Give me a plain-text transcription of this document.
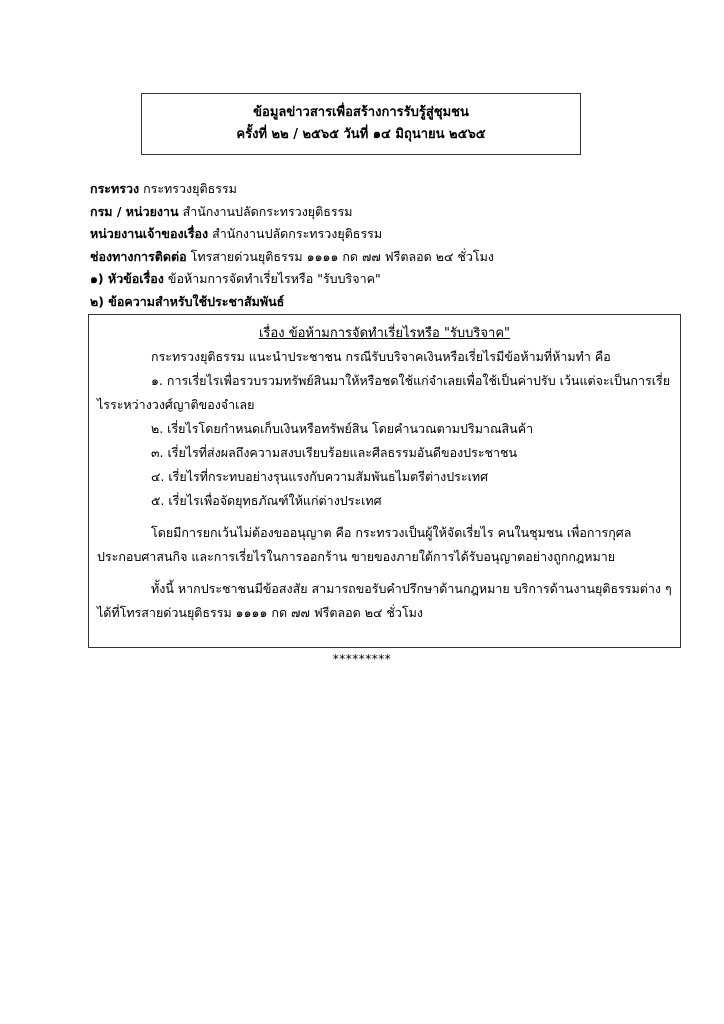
ข้อมูลข่าวสารเพื่อสร้างการรับรู้สู่ชุมชน
ครั้งที่ ๒๒ / ๒๕๖๕ วันที่ ๑๔ มิถุนายน ๒๕๖๕
กระทรวง กระทรวงยุติธรรม
กรม / หน่วยงาน สำนักงานปลัดกระทรวงยุติธรรม
หน่วยงานเจ้าของเรื่อง สำนักงานปลัดกระทรวงยุติธรรม
ช่องทางการติดต่อ โทรสายด่วนยุติธรรม ๑๑๑๑ กด ๗๗ ฟรีตลอด ๒๔ ชั่วโมง
๑) หัวข้อเรื่อง ข้อห้ามการจัดทำเรี่ยไรหรือ "รับบริจาค"
๒) ข้อความสำหรับใช้ประชาสัมพันธ์
เรื่อง ข้อห้ามการจัดทำเรี่ยไรหรือ "รับบริจาค"
กระทรวงยุติธรรม แนะนำประชาชน กรณีรับบริจาคเงินหรือเรี่ยไรมีข้อห้ามที่ห้ามทำ คือ
๑. การเรี่ยไรเพื่อรวบรวมทรัพย์สินมาให้หรือชดใช้แก่จำเลยเพื่อใช้เป็นค่าปรับ เว้นแต่จะเป็นการเรี่ยไรระหว่างวงศ์ญาติของจำเลย
๒. เรี่ยไรโดยกำหนดเก็บเงินหรือทรัพย์สิน โดยคำนวณตามปริมาณสินค้า
๓. เรี่ยไรที่ส่งผลถึงความสงบเรียบร้อยและศีลธรรมอันดีของประชาชน
๔. เรี่ยไรที่กระทบอย่างรุนแรงกับความสัมพันธไมตรีต่างประเทศ
๕. เรี่ยไรเพื่อจัดยุทธภัณฑ์ให้แก่ต่างประเทศ
โดยมีการยกเว้นไม่ต้องขออนุญาต คือ กระทรวงเป็นผู้ให้จัดเรี่ยไร คนในชุมชน เพื่อการกุศลประกอบศาสนกิจ และการเรี่ยไรในการออกร้าน ขายของภายใต้การได้รับอนุญาตอย่างถูกกฎหมาย
ทั้งนี้ หากประชาชนมีข้อสงสัย สามารถขอรับคำปรึกษาด้านกฎหมาย บริการด้านงานยุติธรรมต่าง ๆ ได้ที่โทรสายด่วนยุติธรรม ๑๑๑๑ กด ๗๗ ฟรีตลอด ๒๔ ชั่วโมง
*********
